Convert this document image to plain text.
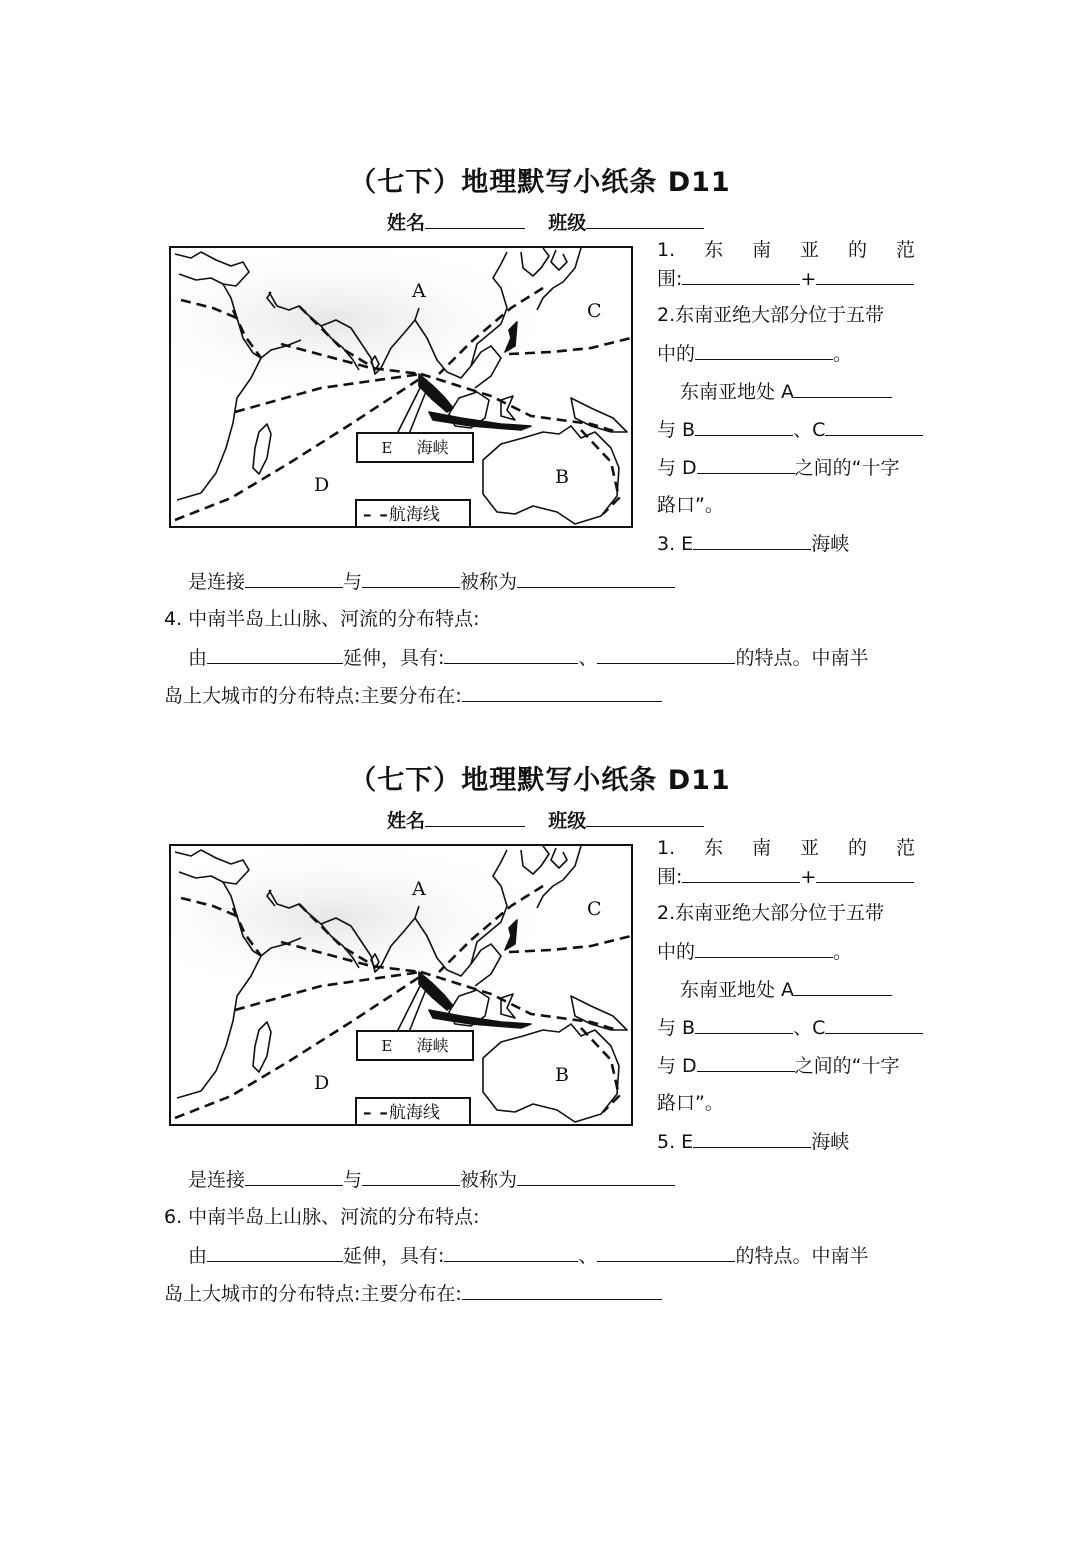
（七下）地理默写小纸条 D11
姓名	班级
A
C
D	B
E 海峡
– –航海线
1. 东 南 亚 的 范
围:	+
2.东南亚绝大部分位于五带
中的	。
东南亚地处 A
与 B	、C
与 D	之间的“十字
路口”。
3. E	海峡
是连接	与	被称为
4. 中南半岛上山脉、河流的分布特点:
由	延伸，具有:	、	的特点。中南半
岛上大城市的分布特点:主要分布在:
（七下）地理默写小纸条 D11
姓名	班级
A
C
D	B
E 海峡
– –航海线
1. 东 南 亚 的 范
围:	+
2.东南亚绝大部分位于五带
中的	。
东南亚地处 A
与 B	、C
与 D	之间的“十字
路口”。
5. E	海峡
是连接	与	被称为
6. 中南半岛上山脉、河流的分布特点:
由	延伸，具有:	、	的特点。中南半
岛上大城市的分布特点:主要分布在:
